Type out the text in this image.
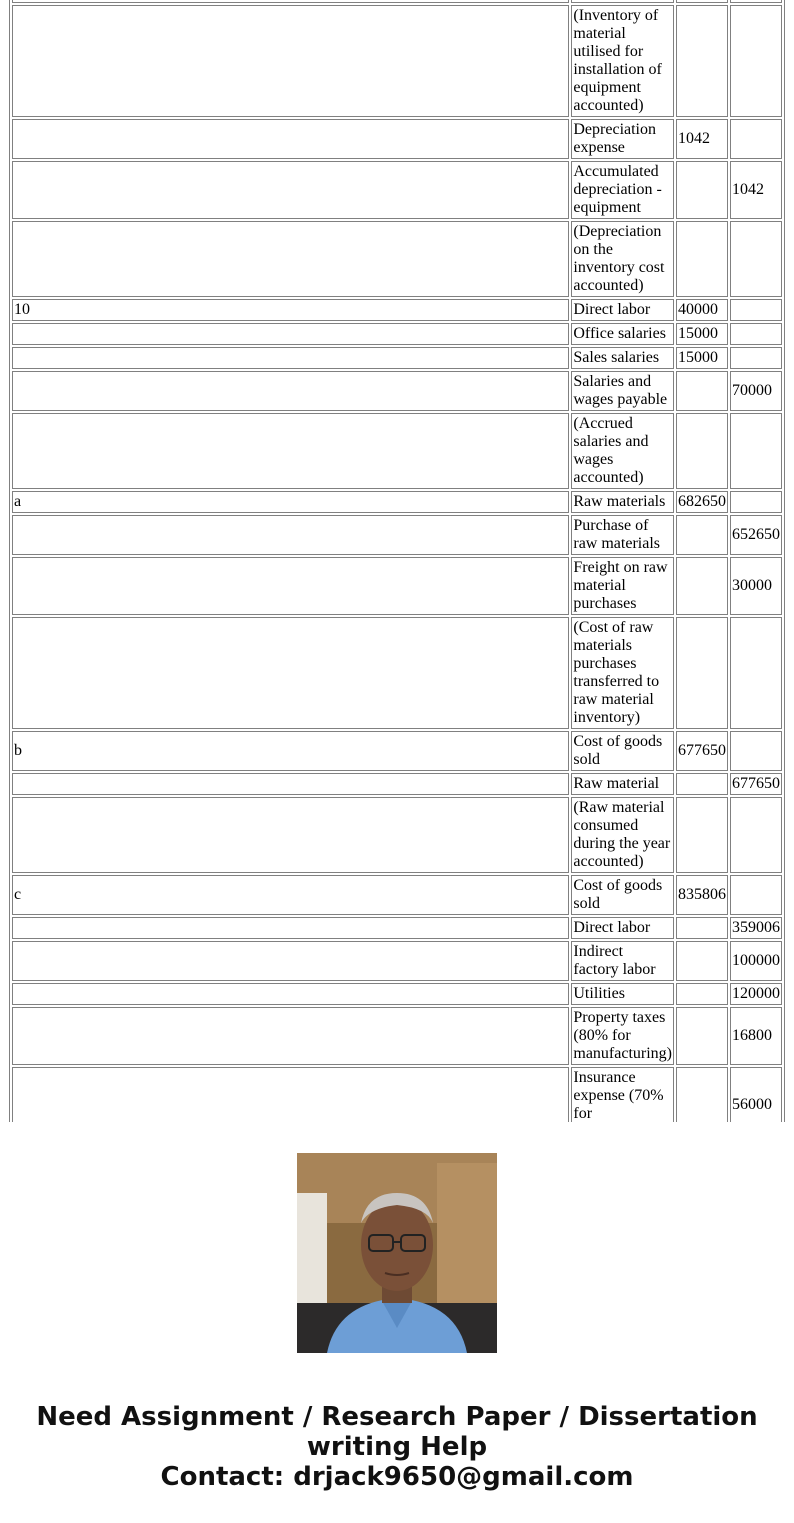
	(Inventory of material utilised for installation of equipment accounted)		
	Depreciation expense	1042	
	Accumulated depreciation - equipment		1042
	(Depreciation on the inventory cost accounted)		
10	Direct labor	40000	
	Office salaries	15000	
	Sales salaries	15000	
	Salaries and wages payable		70000
	(Accrued salaries and wages accounted)		
a	Raw materials	682650	
	Purchase of raw materials		652650
	Freight on raw material purchases		30000
	(Cost of raw materials purchases transferred to raw material inventory)		
b	Cost of goods sold	677650	
	Raw material		677650
	(Raw material consumed during the year accounted)		
c	Cost of goods sold	835806	
	Direct labor		359006
	Indirect factory labor		100000
	Utilities		120000
	Property taxes (80% for manufacturing)		16800
	Insurance expense (70% for		56000
Need Assignment / Research Paper / Dissertation writing Help
Contact: drjack9650@gmail.com
